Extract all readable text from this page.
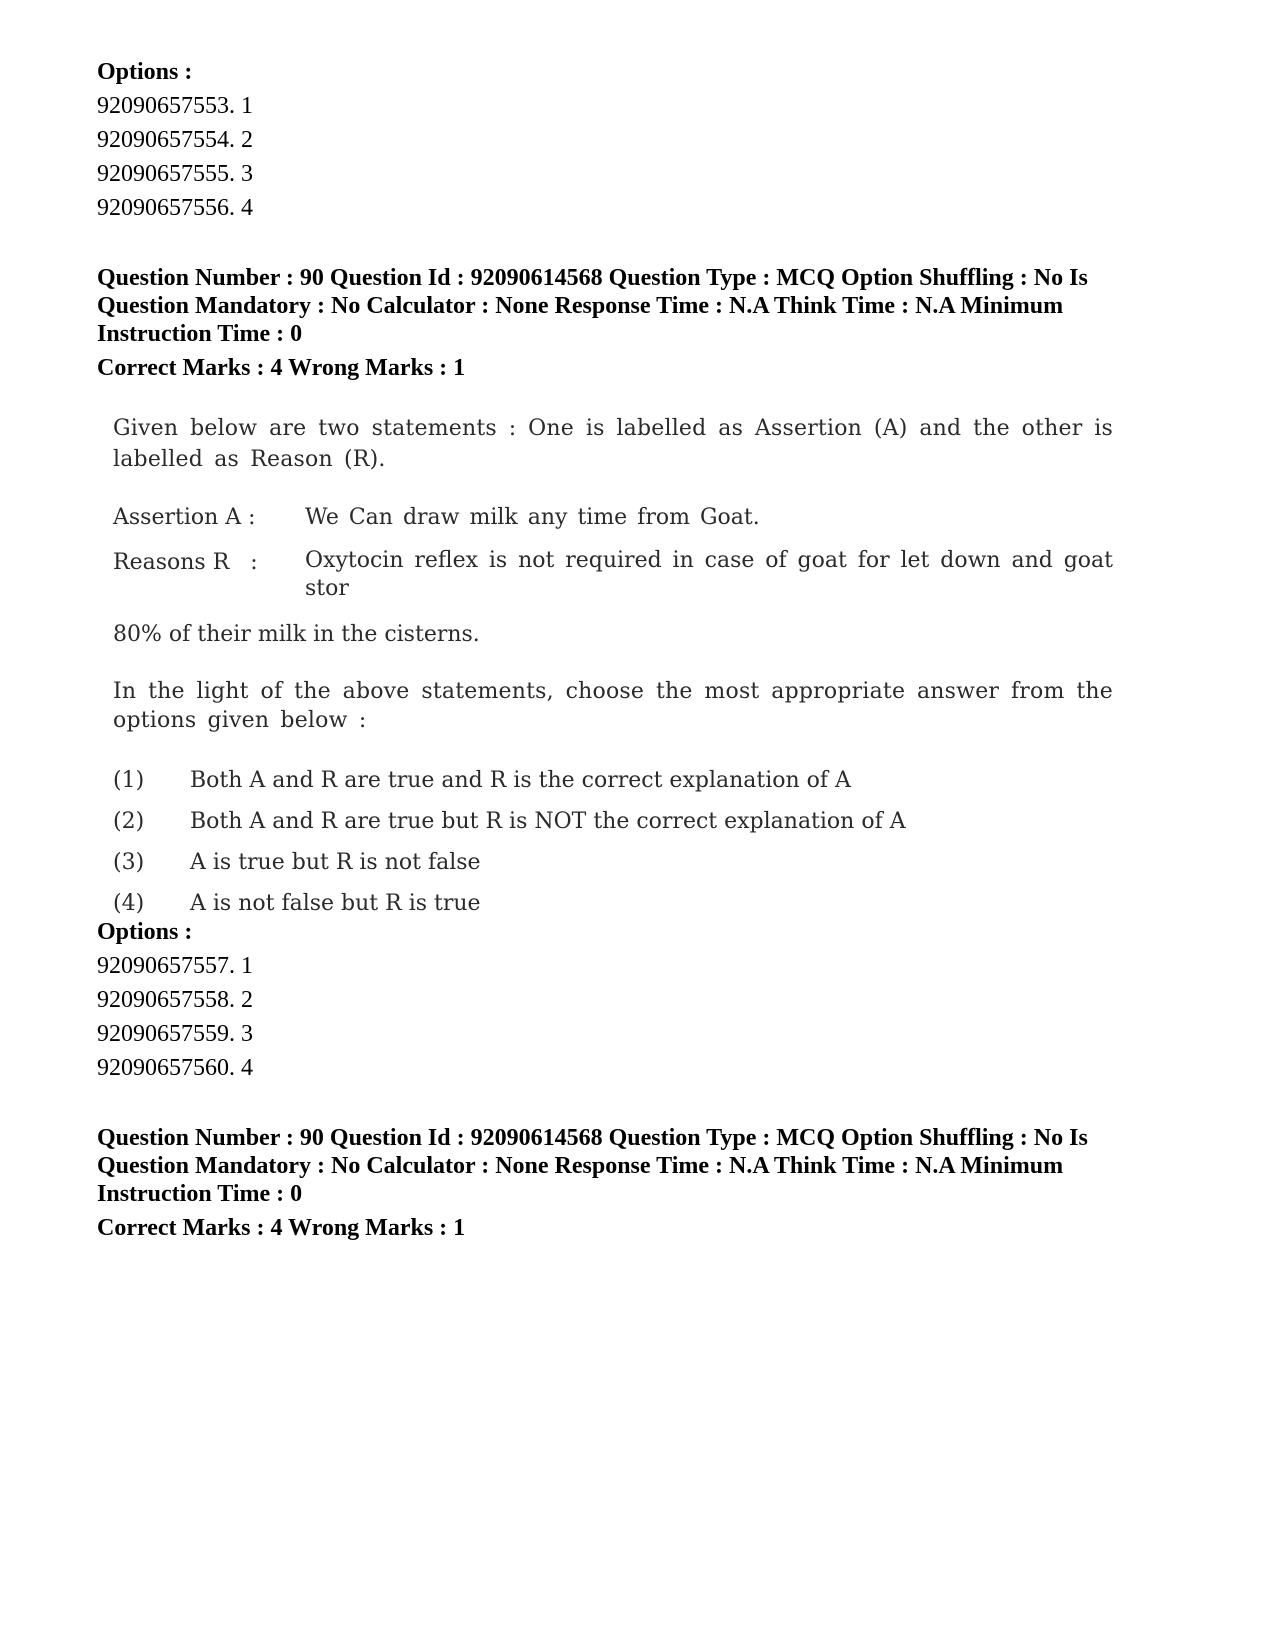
Options :
92090657553. 1
92090657554. 2
92090657555. 3
92090657556. 4
Question Number : 90 Question Id : 92090614568 Question Type : MCQ Option Shuffling : No Is
Question Mandatory : No Calculator : None Response Time : N.A Think Time : N.A Minimum
Instruction Time : 0
Correct Marks : 4 Wrong Marks : 1

Given below are two statements : One is labelled as Assertion (A) and the other is labelled as Reason (R).

Assertion A :	We Can draw milk any time from Goat.
Reasons R   :	Oxytocin reflex is not required in case of goat for let down and goat stor

80% of their milk in the cisterns.

In the light of the above statements, choose the most appropriate answer from the options given below :

(1)	Both A and R are true and R is the correct explanation of A
(2)	Both A and R are true but R is NOT the correct explanation of A
(3)	A is true but R is not false
(4)	A is not false but R is true
Options :
92090657557. 1
92090657558. 2
92090657559. 3
92090657560. 4
Question Number : 90 Question Id : 92090614568 Question Type : MCQ Option Shuffling : No Is
Question Mandatory : No Calculator : None Response Time : N.A Think Time : N.A Minimum
Instruction Time : 0
Correct Marks : 4 Wrong Marks : 1
